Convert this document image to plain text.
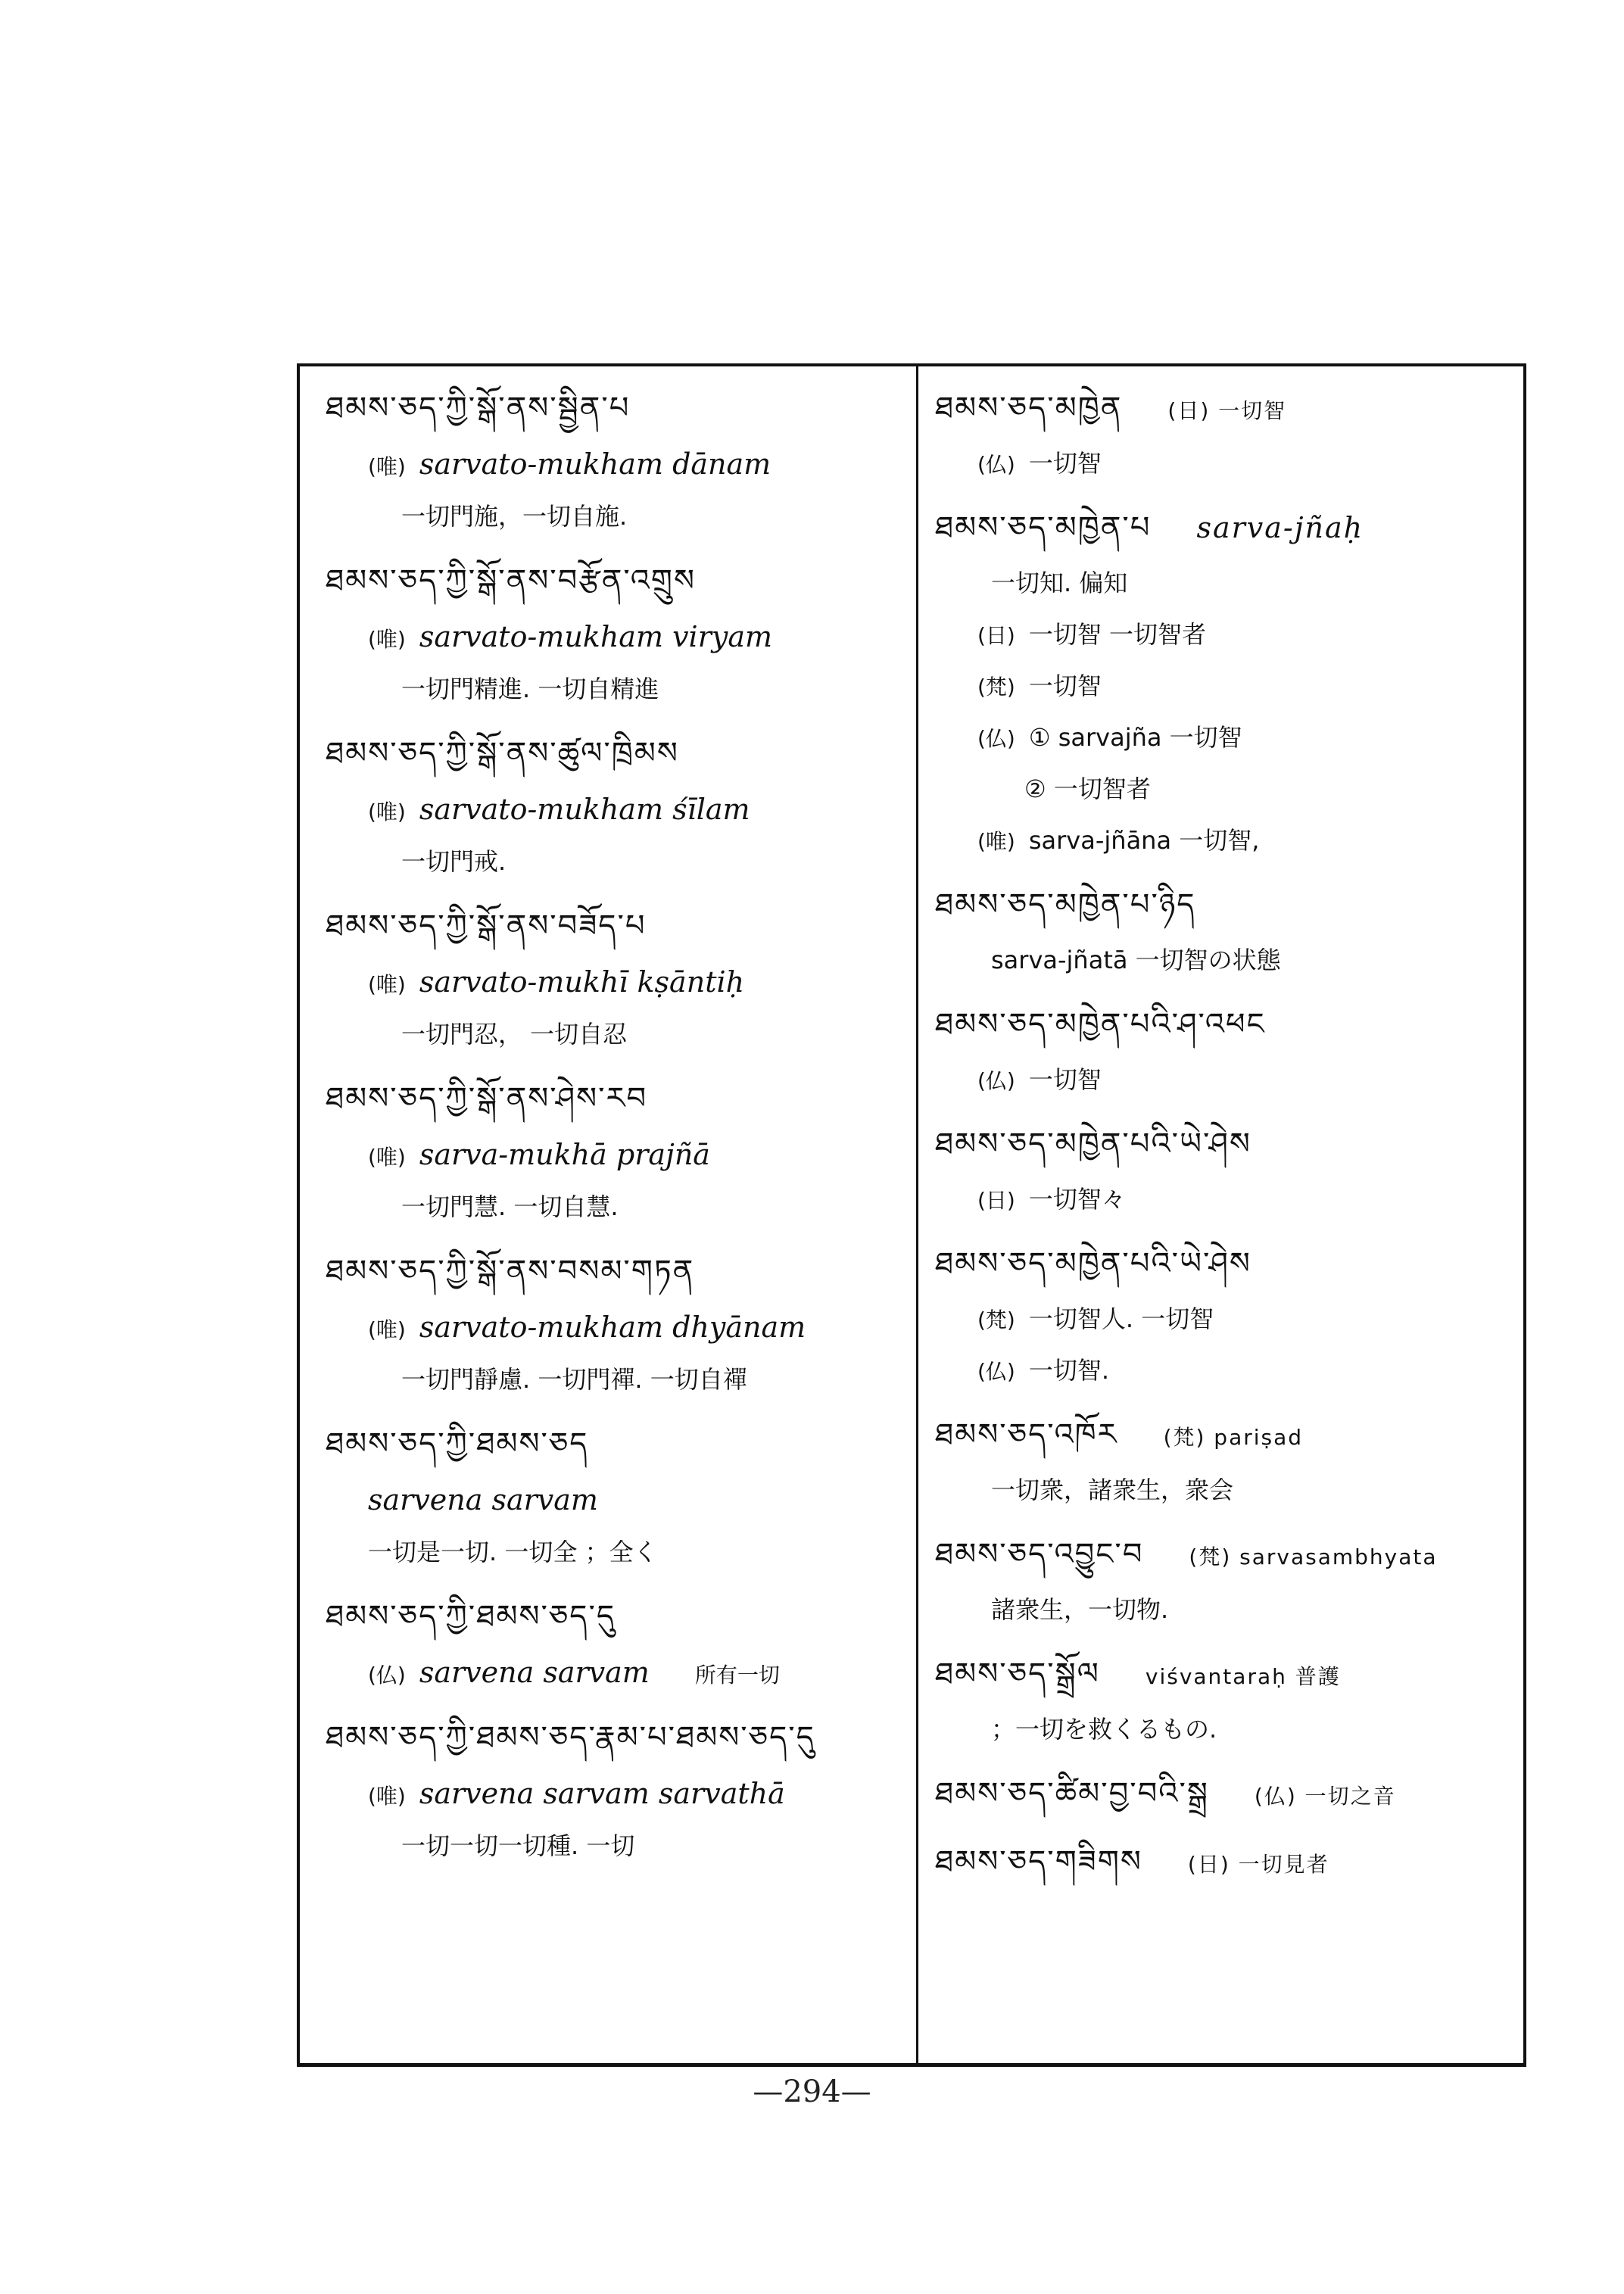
ཐམས་ཅད་ཀྱི་སྒོ་ནས་སྦྱིན་པ
(唯) sarvato-mukham dānam
一切門施，一切自施.
ཐམས་ཅད་ཀྱི་སྒོ་ནས་བརྩོན་འགྲུས
(唯) sarvato-mukham viryam
一切門精進. 一切自精進
ཐམས་ཅད་ཀྱི་སྒོ་ནས་ཚུལ་ཁྲིམས
(唯) sarvato-mukham śīlam
一切門戒.
ཐམས་ཅད་ཀྱི་སྒོ་ནས་བཟོད་པ
(唯) sarvato-mukhī kṣāntiḥ
一切門忍， 一切自忍
ཐམས་ཅད་ཀྱི་སྒོ་ནས་ཤེས་རབ
(唯) sarva-mukhā prajñā
一切門慧. 一切自慧.
ཐམས་ཅད་ཀྱི་སྒོ་ནས་བསམ་གཏན
(唯) sarvato-mukham dhyānam
一切門靜慮. 一切門禪. 一切自禪
ཐམས་ཅད་ཀྱི་ཐམས་ཅད
sarvena sarvam
一切是一切. 一切全 ；全く
ཐམས་ཅད་ཀྱི་ཐམས་ཅད་དུ
(仏) sarvena sarvam 所有一切
ཐམས་ཅད་ཀྱི་ཐམས་ཅད་རྣམ་པ་ཐམས་ཅད་དུ
(唯) sarvena sarvam sarvathā
一切一切一切種. 一切
ཐམས་ཅད་མཁྱེན (日) 一切智
(仏) 一切智
ཐམས་ཅད་མཁྱེན་པ sarva-jñaḥ
一切知. 偏知
(日) 一切智 一切智者
(梵) 一切智
(仏) ① sarvajña 一切智
② 一切智者
(唯) sarva-jñāna 一切智,
ཐམས་ཅད་མཁྱེན་པ་ཉིད
sarva-jñatā 一切智の状態
ཐམས་ཅད་མཁྱེན་པའི་ཤ་འཕང
(仏) 一切智
ཐམས་ཅད་མཁྱེན་པའི་ཡེ་ཤེས
(日) 一切智々
ཐམས་ཅད་མཁྱེན་པའི་ཡེ་ཤེས
(梵) 一切智人. 一切智
(仏) 一切智.
ཐམས་ཅད་འཁོར (梵) pariṣad
一切衆，諸衆生，衆会
ཐམས་ཅད་འབྱུང་བ (梵) sarvasambhyata
諸衆生，一切物.
ཐམས་ཅད་སྒྲོལ viśvantaraḥ 普護
；一切を救くるもの.
ཐམས་ཅད་ཚིམ་བྱ་བའི་སྒྲ (仏) 一切之音
ཐམས་ཅད་གཟིགས (日) 一切見者
—294—
